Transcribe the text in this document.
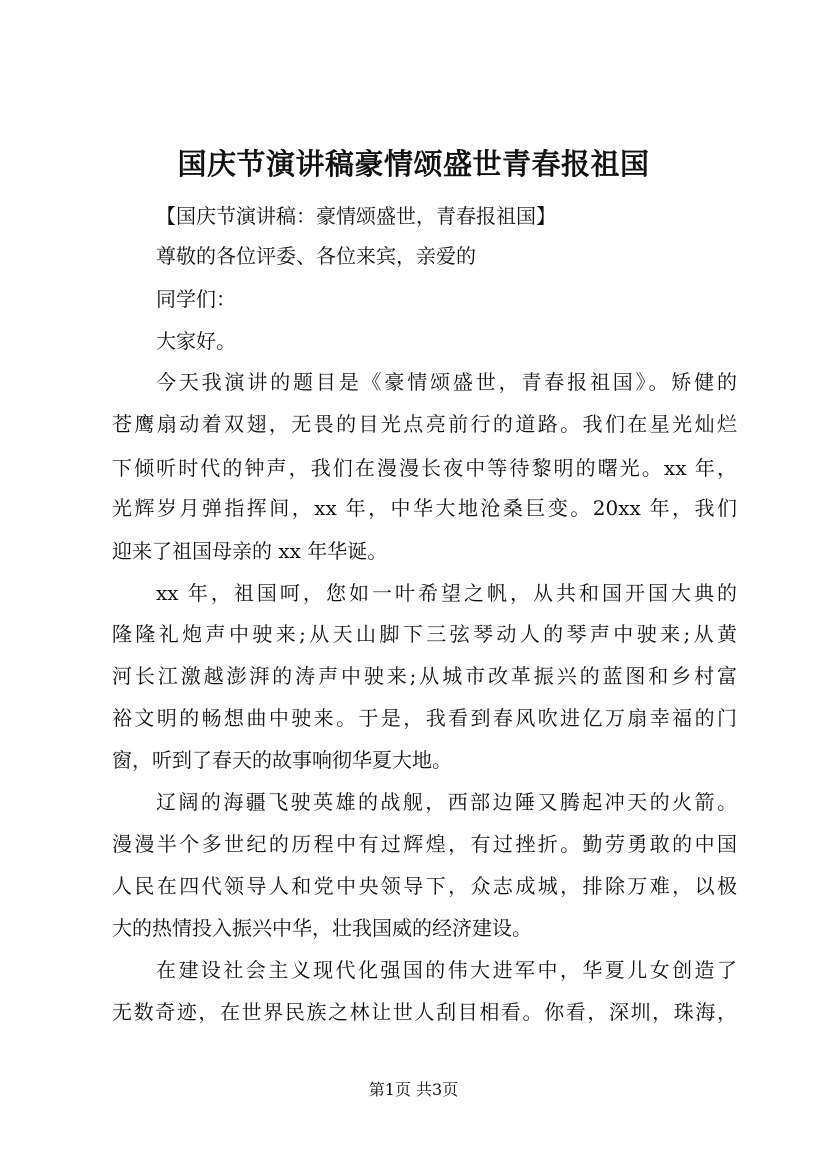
国庆节演讲稿豪情颂盛世青春报祖国
【国庆节演讲稿：豪情颂盛世，青春报祖国】
尊敬的各位评委、各位来宾，亲爱的
同学们：
大家好。
今天我演讲的题目是《豪情颂盛世，青春报祖国》。矫健的
苍鹰扇动着双翅，无畏的目光点亮前行的道路。我们在星光灿烂
下倾听时代的钟声，我们在漫漫长夜中等待黎明的曙光。xx 年，
光辉岁月弹指挥间，xx 年，中华大地沧桑巨变。20xx 年，我们
迎来了祖国母亲的 xx 年华诞。
xx 年，祖国呵，您如一叶希望之帆，从共和国开国大典的
隆隆礼炮声中驶来;从天山脚下三弦琴动人的琴声中驶来;从黄
河长江激越澎湃的涛声中驶来;从城市改革振兴的蓝图和乡村富
裕文明的畅想曲中驶来。于是，我看到春风吹进亿万扇幸福的门
窗，听到了春天的故事响彻华夏大地。
辽阔的海疆飞驶英雄的战舰，西部边陲又腾起冲天的火箭。
漫漫半个多世纪的历程中有过辉煌，有过挫折。勤劳勇敢的中国
人民在四代领导人和党中央领导下，众志成城，排除万难，以极
大的热情投入振兴中华，壮我国威的经济建设。
在建设社会主义现代化强国的伟大进军中，华夏儿女创造了
无数奇迹，在世界民族之林让世人刮目相看。你看，深圳，珠海，
第1页 共3页
